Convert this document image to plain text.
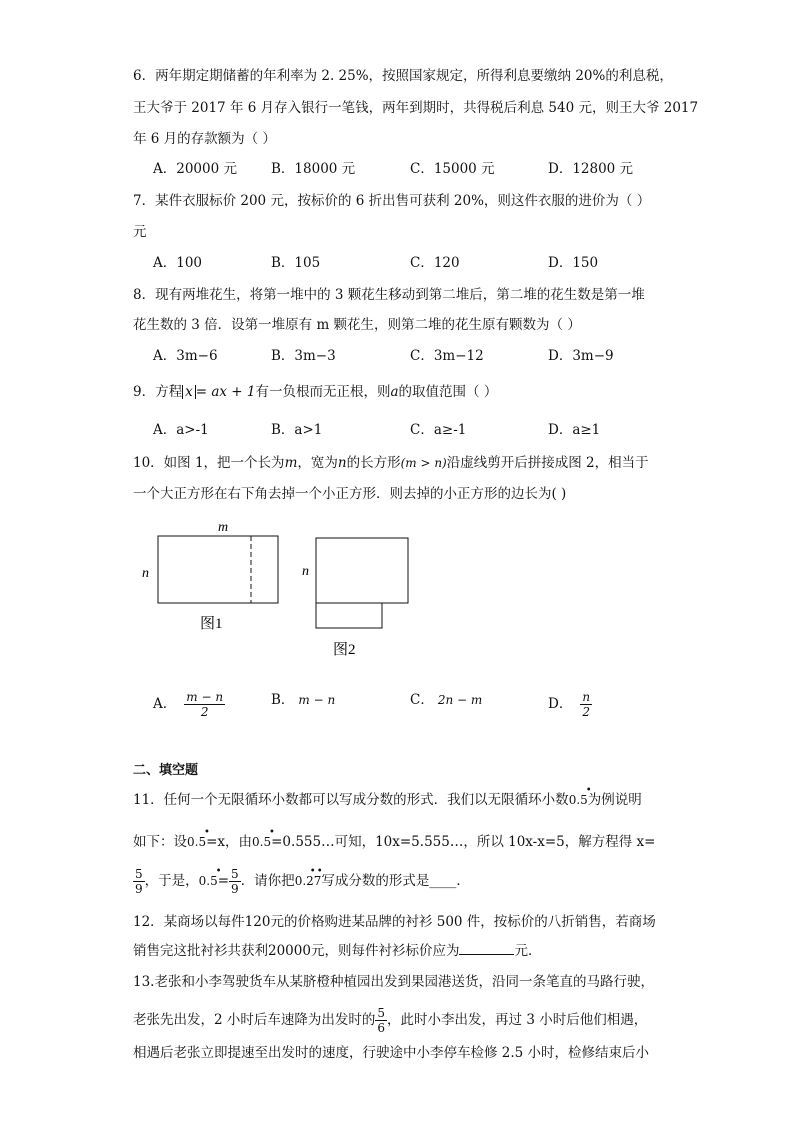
6．两年期定期储蓄的年利率为 2. 25%，按照国家规定，所得利息要缴纳 20%的利息税，
王大爷于 2017 年 6 月存入银行一笔钱，两年到期时，共得税后利息 540 元，则王大爷 2017
年 6 月的存款额为（ ）
A．20000 元	B．18000 元	C．15000 元	D．12800 元
7．某件衣服标价 200 元，按标价的 6 折出售可获利 20%，则这件衣服的进价为（ ）
元
A．100	B．105	C．120	D．150
8．现有两堆花生，将第一堆中的 3 颗花生移动到第二堆后，第二堆的花生数是第一堆
花生数的 3 倍．设第一堆原有 m 颗花生，则第二堆的花生原有颗数为（ ）
A．3m−6	B．3m−3	C．3m−12	D．3m−9
9．方程 x = ax + 1有一负根而无正根，则a的取值范围（ ）
A．a>-1	B．a>1	C．a≥-1	D．a≥1
10．如图 1，把一个长为m，宽为n的长方形(m > n)沿虚线剪开后拼接成图 2，相当于
一个大正方形在右下角去掉一个小正方形．则去掉的小正方形的边长为( )
m
n
图1
n
图2
A． $\frac{m - n}{2}$	B． m − n	C． 2n − m	D． $\frac{n}{2}$
二、填空题
11．任何一个无限循环小数都可以写成分数的形式．我们以无限循环小数0.5
•
为例说明
如下：设0.5
•
=x，由0.5
•
=0.555…可知，10x=5.555…，所以 10x-x=5，解方程得 x=
$\frac{5}{9}$ ，于是，0.5
•
= $\frac{5}{9}$ ．请你把0.27
• •
写成分数的形式是____．
12．某商场以每件120元的价格购进某品牌的衬衫 500 件，按标价的八折销售，若商场
销售完这批衬衫共获利20000元，则每件衬衫标价应为	元．
13.老张和小李驾驶货车从某脐橙种植园出发到果园港送货，沿同一条笔直的马路行驶，
老张先出发，2 小时后车速降为出发时的 $\frac{5}{6}$ ，此时小李出发，再过 3 小时后他们相遇，
相遇后老张立即提速至出发时的速度，行驶途中小李停车检修 2.5 小时，检修结束后小
